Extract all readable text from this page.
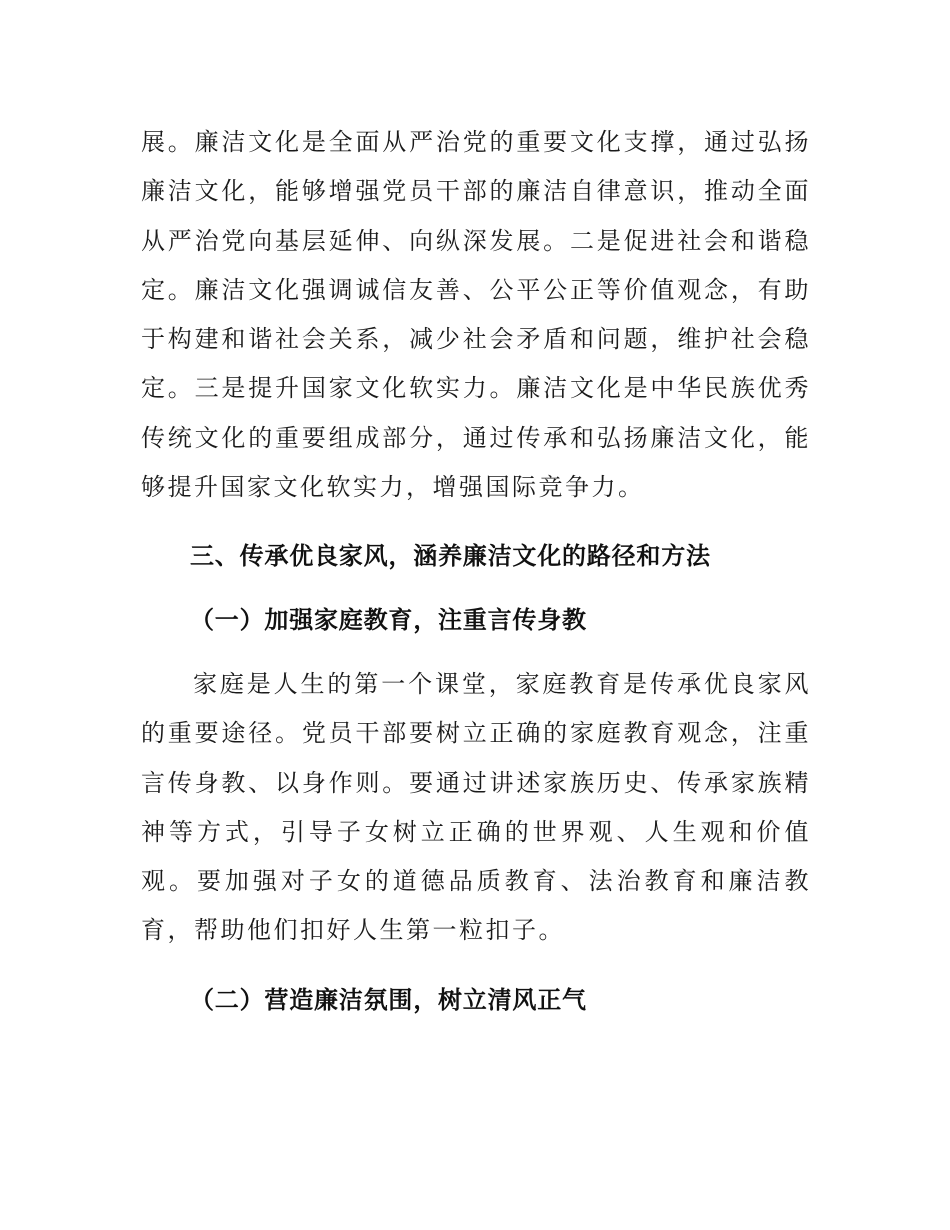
展。廉洁文化是全面从严治党的重要文化支撑，通过弘扬廉洁文化，能够增强党员干部的廉洁自律意识，推动全面从严治党向基层延伸、向纵深发展。二是促进社会和谐稳定。廉洁文化强调诚信友善、公平公正等价值观念，有助于构建和谐社会关系，减少社会矛盾和问题，维护社会稳定。三是提升国家文化软实力。廉洁文化是中华民族优秀传统文化的重要组成部分，通过传承和弘扬廉洁文化，能够提升国家文化软实力，增强国际竞争力。

三、传承优良家风，涵养廉洁文化的路径和方法
（一）加强家庭教育，注重言传身教

家庭是人生的第一个课堂，家庭教育是传承优良家风的重要途径。党员干部要树立正确的家庭教育观念，注重言传身教、以身作则。要通过讲述家族历史、传承家族精神等方式，引导子女树立正确的世界观、人生观和价值观。要加强对子女的道德品质教育、法治教育和廉洁教育，帮助他们扣好人生第一粒扣子。

（二）营造廉洁氛围，树立清风正气
